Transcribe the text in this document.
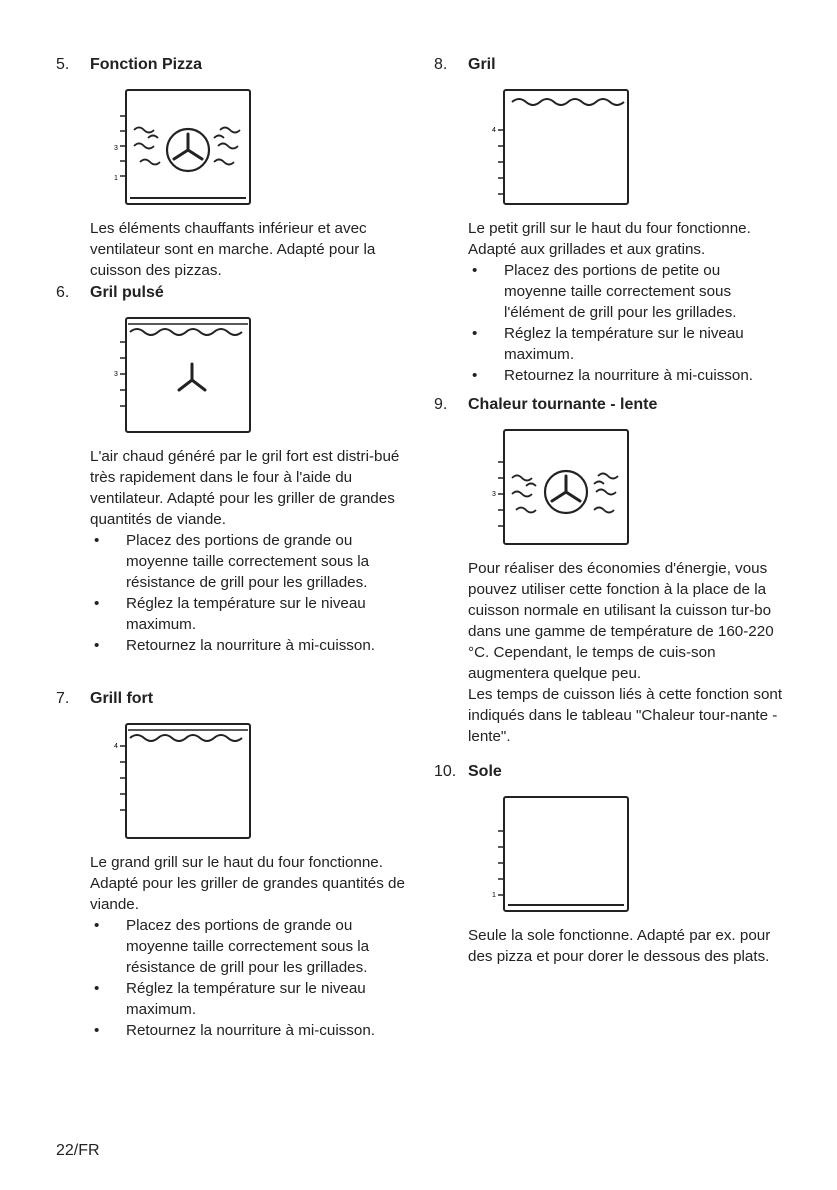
5.	Fonction Pizza
3
1

Les éléments chauffants inférieur et avec ventilateur sont en marche. Adapté pour la cuisson des pizzas.

6.	Gril pulsé
3

L'air chaud généré par le gril fort est distri-bué très rapidement dans le four à l'aide du ventilateur. Adapté pour les griller de grandes quantités de viande.

• Placez des portions de grande ou moyenne taille correctement sous la résistance de grill pour les grillades.
• Réglez la température sur le niveau maximum.
• Retournez la nourriture à mi-cuisson.
7.	Grill fort
4

Le grand grill sur le haut du four fonctionne. Adapté pour les griller de grandes quantités de viande.

• Placez des portions de grande ou moyenne taille correctement sous la résistance de grill pour les grillades.
• Réglez la température sur le niveau maximum.
• Retournez la nourriture à mi-cuisson.
8.	Gril
4

Le petit grill sur le haut du four fonctionne. Adapté aux grillades et aux gratins.

• Placez des portions de petite ou moyenne taille correctement sous l'élément de grill pour les grillades.
• Réglez la température sur le niveau maximum.
• Retournez la nourriture à mi-cuisson.
9.	Chaleur tournante - lente
3

Pour réaliser des économies d'énergie, vous pouvez utiliser cette fonction à la place de la cuisson normale en utilisant la cuisson tur-bo dans une gamme de température de 160-220 °C. Cependant, le temps de cuis-son augmentera quelque peu.

Les temps de cuisson liés à cette fonction sont indiqués dans le tableau "Chaleur tour-nante - lente".

10. Sole
1

Seule la sole fonctionne. Adapté par ex. pour des pizza et pour dorer le dessous des plats.

22/FR
